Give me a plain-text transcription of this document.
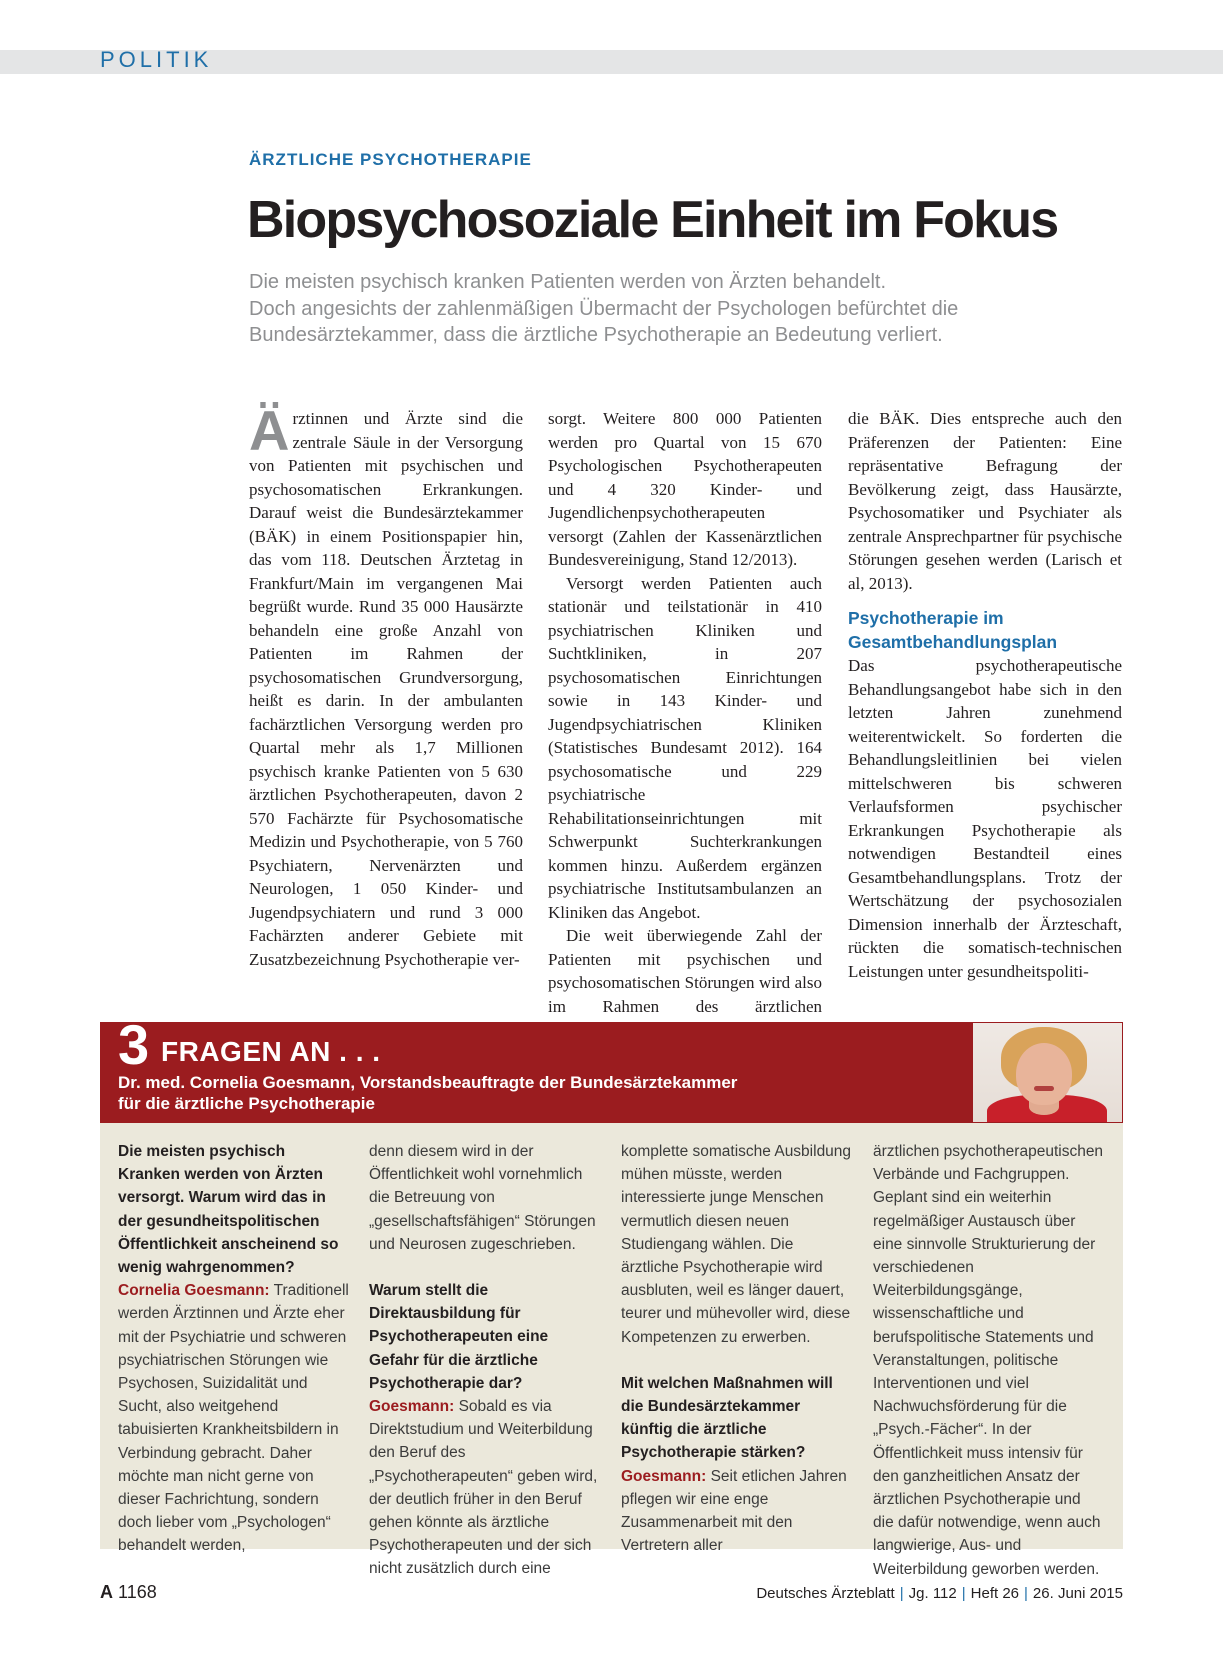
POLITIK
ÄRZTLICHE PSYCHOTHERAPIE
Biopsychosoziale Einheit im Fokus
Die meisten psychisch kranken Patienten werden von Ärzten behandelt.
Doch angesichts der zahlenmäßigen Übermacht der Psychologen befürchtet die
Bundesärztekammer, dass die ärztliche Psychotherapie an Bedeutung verliert.

Ärztinnen und Ärzte sind die zentrale Säule in der Versorgung von Patienten mit psychischen und psychosomatischen Erkrankungen. Darauf weist die Bundesärztekammer (BÄK) in einem Positionspapier hin, das vom 118. Deutschen Ärztetag in Frankfurt/Main im vergangenen Mai begrüßt wurde. Rund 35 000 Hausärzte behandeln eine große Anzahl von Patienten im Rahmen der psychosomatischen Grundversorgung, heißt es darin. In der ambulanten fachärztlichen Versorgung werden pro Quartal mehr als 1,7 Millionen psychisch kranke Patienten von 5 630 ärztlichen Psychotherapeuten, davon 2 570 Fachärzte für Psychosomatische Medizin und Psychotherapie, von 5 760 Psychiatern, Nervenärzten und Neurologen, 1 050 Kinder- und Jugendpsychiatern und rund 3 000 Fachärzten anderer Gebiete mit Zusatzbezeichnung Psychotherapie ver-

sorgt. Weitere 800 000 Patienten werden pro Quartal von 15 670 Psychologischen Psychotherapeuten und 4 320 Kinder- und Jugendlichenpsychotherapeuten versorgt (Zahlen der Kassenärztlichen Bundesvereinigung, Stand 12/2013).

Versorgt werden Patienten auch stationär und teilstationär in 410 psychiatrischen Kliniken und Suchtkliniken, in 207 psychosomatischen Einrichtungen sowie in 143 Kinder- und Jugendpsychiatrischen Kliniken (Statistisches Bundesamt 2012). 164 psychosomatische und 229 psychiatrische Rehabilitationseinrichtungen mit Schwerpunkt Suchterkrankungen kommen hinzu. Außerdem ergänzen psychiatrische Institutsambulanzen an Kliniken das Angebot.

Die weit überwiegende Zahl der Patienten mit psychischen und psychosomatischen Störungen wird also im Rahmen des ärztlichen

die BÄK. Dies entspreche auch den Präferenzen der Patienten: Eine repräsentative Befragung der Bevölkerung zeigt, dass Hausärzte, Psychosomatiker und Psychiater als zentrale Ansprechpartner für psychische Störungen gesehen werden (Larisch et al, 2013).

Psychotherapie im
Gesamtbehandlungsplan

Das psychotherapeutische Behandlungsangebot habe sich in den letzten Jahren zunehmend weiterentwickelt. So forderten die Behandlungsleitlinien bei vielen mittelschweren bis schweren Verlaufsformen psychischer Erkrankungen Psychotherapie als notwendigen Bestandteil eines Gesamtbehandlungsplans. Trotz der Wertschätzung der psychosozialen Dimension innerhalb der Ärzteschaft, rückten die somatisch-technischen Leistungen unter gesundheitspoliti-

3 FRAGEN AN . . .
Dr. med. Cornelia Goesmann, Vorstandsbeauftragte der Bundesärztekammer
für die ärztliche Psychotherapie

Die meisten psychisch Kranken werden von Ärzten versorgt. Warum wird das in der gesundheitspolitischen Öffentlichkeit anscheinend so wenig wahrgenommen?

Cornelia Goesmann: Traditionell werden Ärztinnen und Ärzte eher mit der Psychiatrie und schweren psychiatrischen Störungen wie Psychosen, Suizidalität und Sucht, also weitgehend tabuisierten Krankheitsbildern in Verbindung gebracht. Daher möchte man nicht gerne von dieser Fachrichtung, sondern doch lieber vom „Psychologen“ behandelt werden,

denn diesem wird in der Öffentlichkeit wohl vornehmlich die Betreuung von „gesellschaftsfähigen“ Störungen und Neurosen zugeschrieben.

Warum stellt die Direktausbildung für Psychotherapeuten eine Gefahr für die ärztliche Psychotherapie dar?

Goesmann: Sobald es via Direktstudium und Weiterbildung den Beruf des „Psychotherapeuten“ geben wird, der deutlich früher in den Beruf gehen könnte als ärztliche Psychotherapeuten und der sich nicht zusätzlich durch eine

komplette somatische Ausbildung mühen müsste, werden interessierte junge Menschen vermutlich diesen neuen Studiengang wählen. Die ärztliche Psychotherapie wird ausbluten, weil es länger dauert, teurer und mühevoller wird, diese Kompetenzen zu erwerben.

Mit welchen Maßnahmen will die Bundesärztekammer künftig die ärztliche Psychotherapie stärken?

Goesmann: Seit etlichen Jahren pflegen wir eine enge Zusammenarbeit mit den Vertretern aller

ärztlichen psychotherapeutischen Verbände und Fachgruppen. Geplant sind ein weiterhin regelmäßiger Austausch über eine sinnvolle Strukturierung der verschiedenen Weiterbildungsgänge, wissenschaftliche und berufspolitische Statements und Veranstaltungen, politische Interventionen und viel Nachwuchsförderung für die „Psych.-Fächer“. In der Öffentlichkeit muss intensiv für den ganzheitlichen Ansatz der ärztlichen Psychotherapie und die dafür notwendige, wenn auch langwierige, Aus- und Weiterbildung geworben werden.

A 1168	Deutsches Ärzteblatt | Jg. 112 | Heft 26 | 26. Juni 2015
